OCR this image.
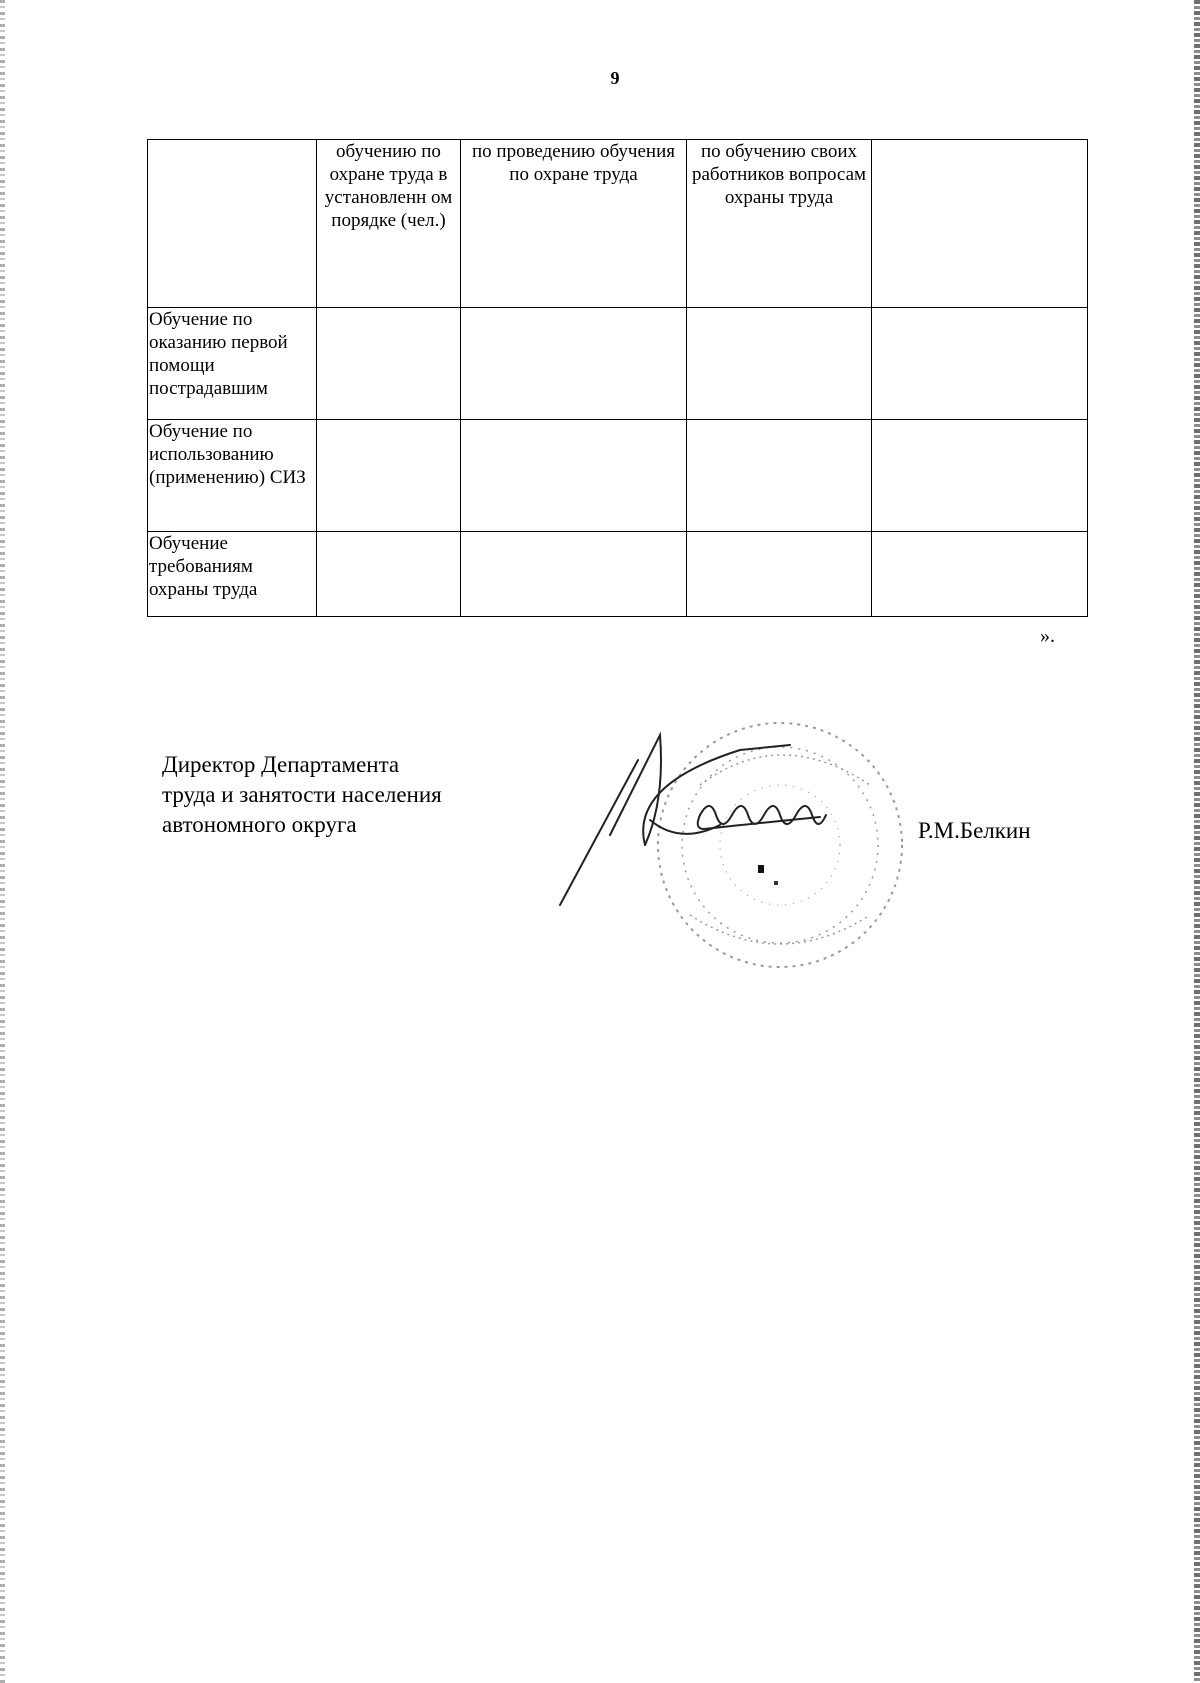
9
	обучению по охране труда в установленн ом порядке (чел.)	по проведению обучения по охране труда	по обучению своих работников вопросам охраны труда	
Обучение по оказанию первой помощи пострадавшим				
Обучение по использованию (применению) СИЗ				
Обучение требованиям охраны труда				
».
Директор Департамента
труда и занятости населения
автономного округа	Р.М.Белкин
